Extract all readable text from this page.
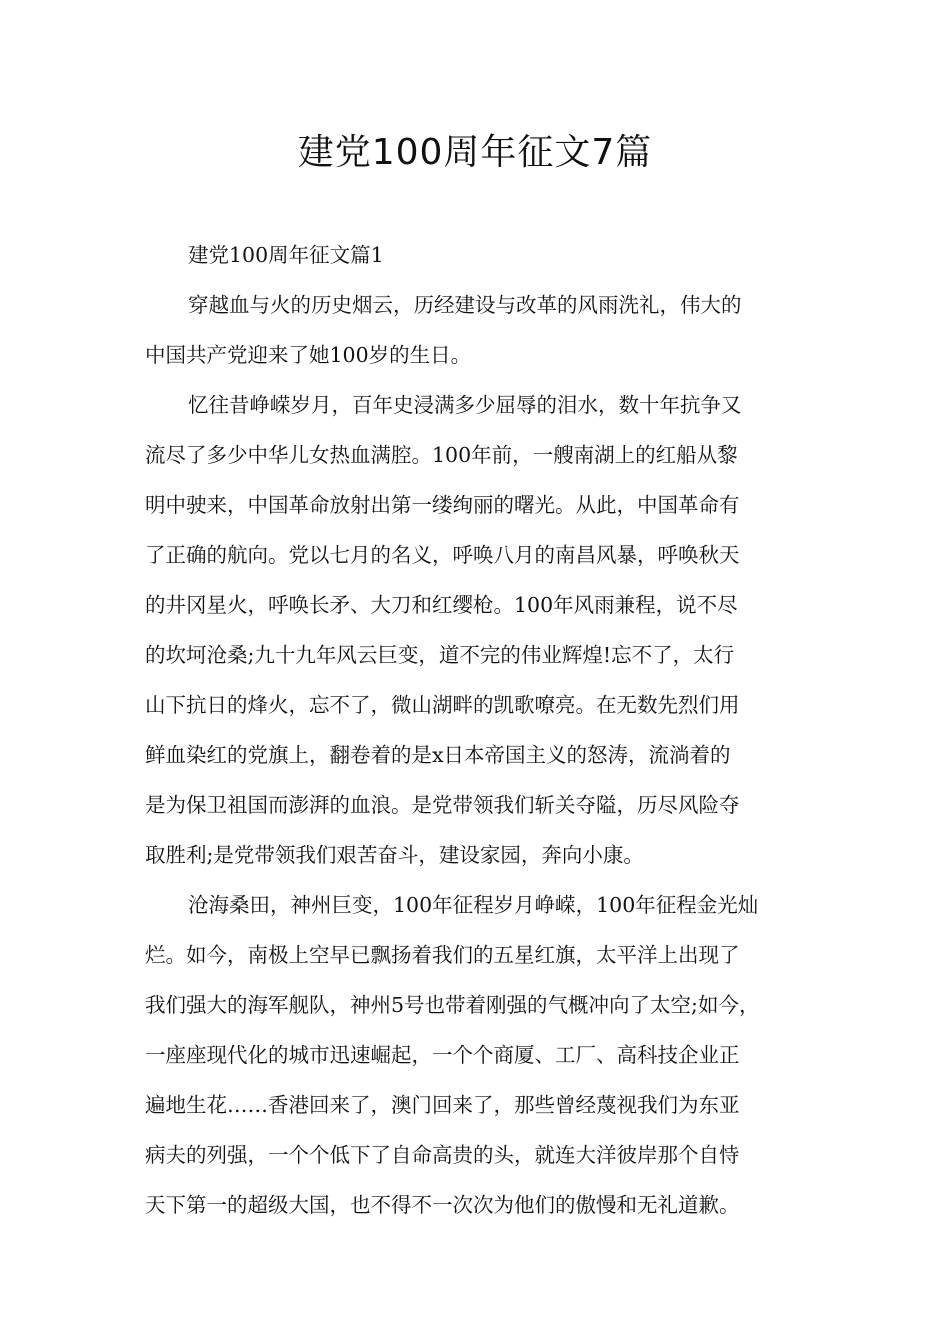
建党100周年征文7篇
建党100周年征文篇1
穿越血与火的历史烟云，历经建设与改革的风雨洗礼，伟大的
中国共产党迎来了她100岁的生日。
忆往昔峥嵘岁月，百年史浸满多少屈辱的泪水，数十年抗争又
流尽了多少中华儿女热血满腔。100年前，一艘南湖上的红船从黎
明中驶来，中国革命放射出第一缕绚丽的曙光。从此，中国革命有
了正确的航向。党以七月的名义，呼唤八月的南昌风暴，呼唤秋天
的井冈星火，呼唤长矛、大刀和红缨枪。100年风雨兼程，说不尽
的坎坷沧桑;九十九年风云巨变，道不完的伟业辉煌!忘不了，太行
山下抗日的烽火，忘不了，微山湖畔的凯歌嘹亮。在无数先烈们用
鲜血染红的党旗上，翻卷着的是x日本帝国主义的怒涛，流淌着的
是为保卫祖国而澎湃的血浪。是党带领我们斩关夺隘，历尽风险夺
取胜利;是党带领我们艰苦奋斗，建设家园，奔向小康。
沧海桑田，神州巨变，100年征程岁月峥嵘，100年征程金光灿
烂。如今，南极上空早已飘扬着我们的五星红旗，太平洋上出现了
我们强大的海军舰队，神州5号也带着刚强的气概冲向了太空;如今，
一座座现代化的城市迅速崛起，一个个商厦、工厂、高科技企业正
遍地生花……香港回来了，澳门回来了，那些曾经蔑视我们为东亚
病夫的列强，一个个低下了自命高贵的头，就连大洋彼岸那个自恃
天下第一的超级大国，也不得不一次次为他们的傲慢和无礼道歉。
